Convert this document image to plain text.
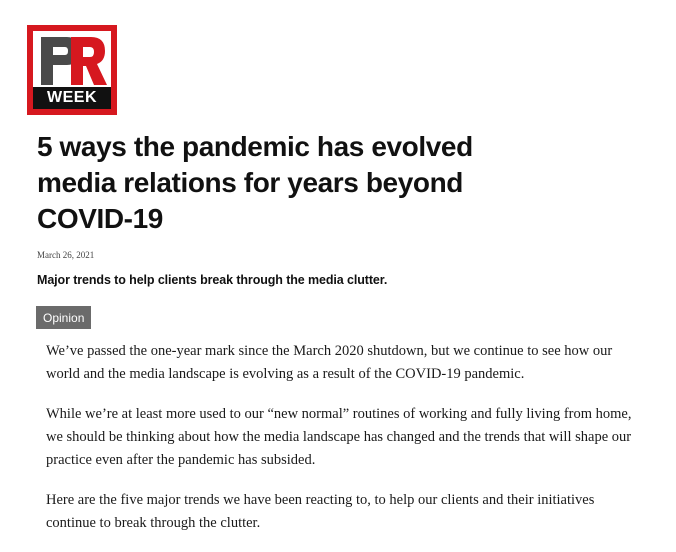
WEEK
5 ways the pandemic has evolved media relations for years beyond COVID-19
March 26, 2021
Major trends to help clients break through the media clutter.
Opinion

We’ve passed the one-year mark since the March 2020 shutdown, but we continue to see how our world and the media landscape is evolving as a result of the COVID-19 pandemic.

While we’re at least more used to our “new normal” routines of working and fully living from home, we should be thinking about how the media landscape has changed and the trends that will shape our practice even after the pandemic has subsided.

Here are the five major trends we have been reacting to, to help our clients and their initiatives continue to break through the clutter.
